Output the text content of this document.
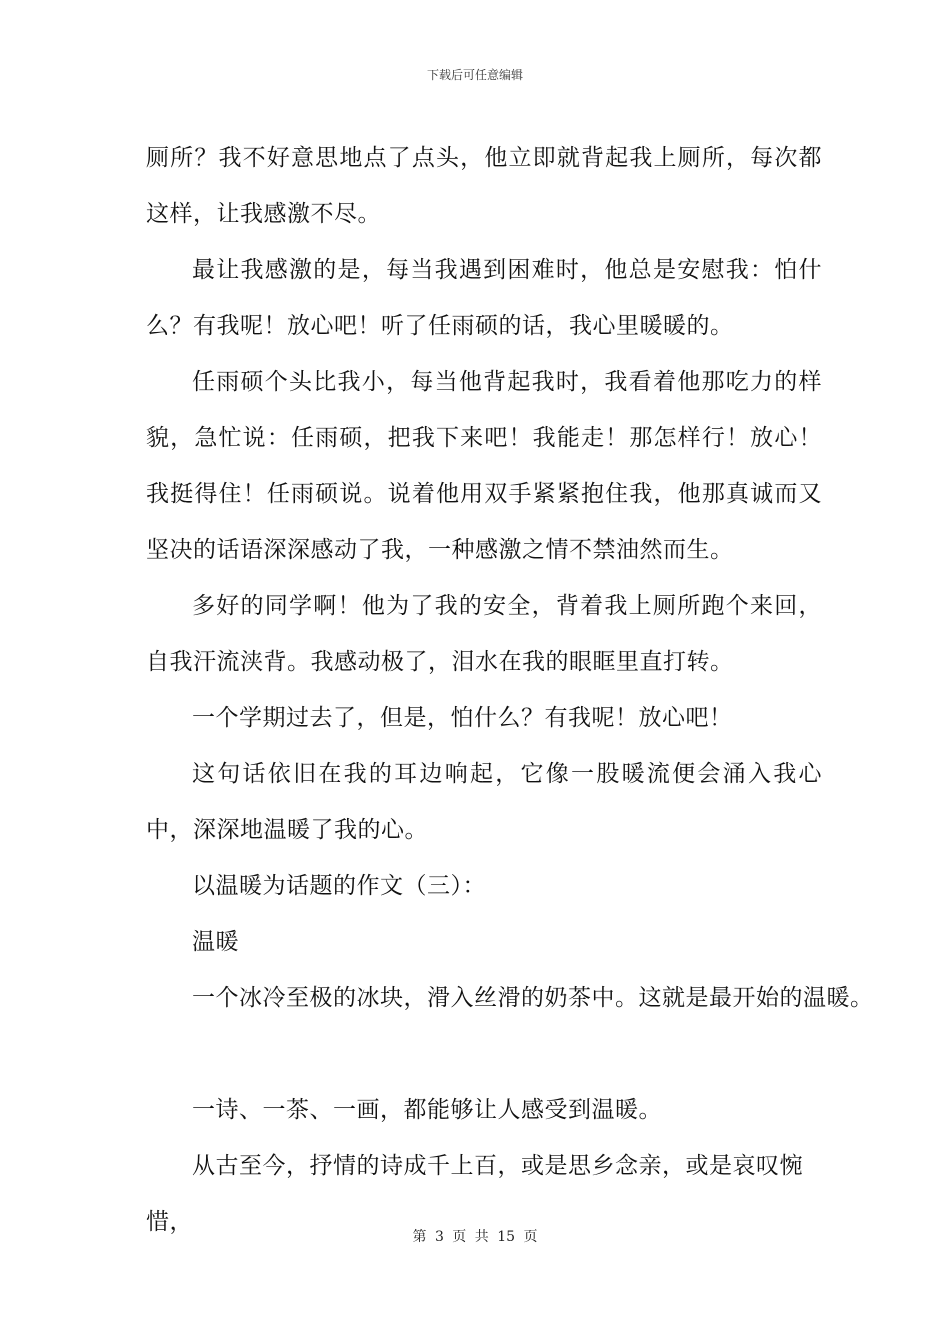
下载后可任意编辑

厕所？我不好意思地点了点头，他立即就背起我上厕所，每次都这样，让我感激不尽。

最让我感激的是，每当我遇到困难时，他总是安慰我：怕什么？有我呢！放心吧！听了任雨硕的话，我心里暖暖的。

任雨硕个头比我小，每当他背起我时，我看着他那吃力的样貌，急忙说：任雨硕，把我下来吧！我能走！那怎样行！放心！我挺得住！任雨硕说。说着他用双手紧紧抱住我，他那真诚而又坚决的话语深深感动了我，一种感激之情不禁油然而生。

多好的同学啊！他为了我的安全，背着我上厕所跑个来回，自我汗流浃背。我感动极了，泪水在我的眼眶里直打转。

一个学期过去了，但是，怕什么？有我呢！放心吧！

这句话依旧在我的耳边响起，它像一股暖流便会涌入我心中，深深地温暖了我的心。

以温暖为话题的作文（三）：

温暖

一个冰冷至极的冰块，滑入丝滑的奶茶中。这就是最开始的温暖。

一诗、一茶、一画，都能够让人感受到温暖。

从古至今，抒情的诗成千上百，或是思乡念亲，或是哀叹惋惜，

第 3 页 共 15 页
